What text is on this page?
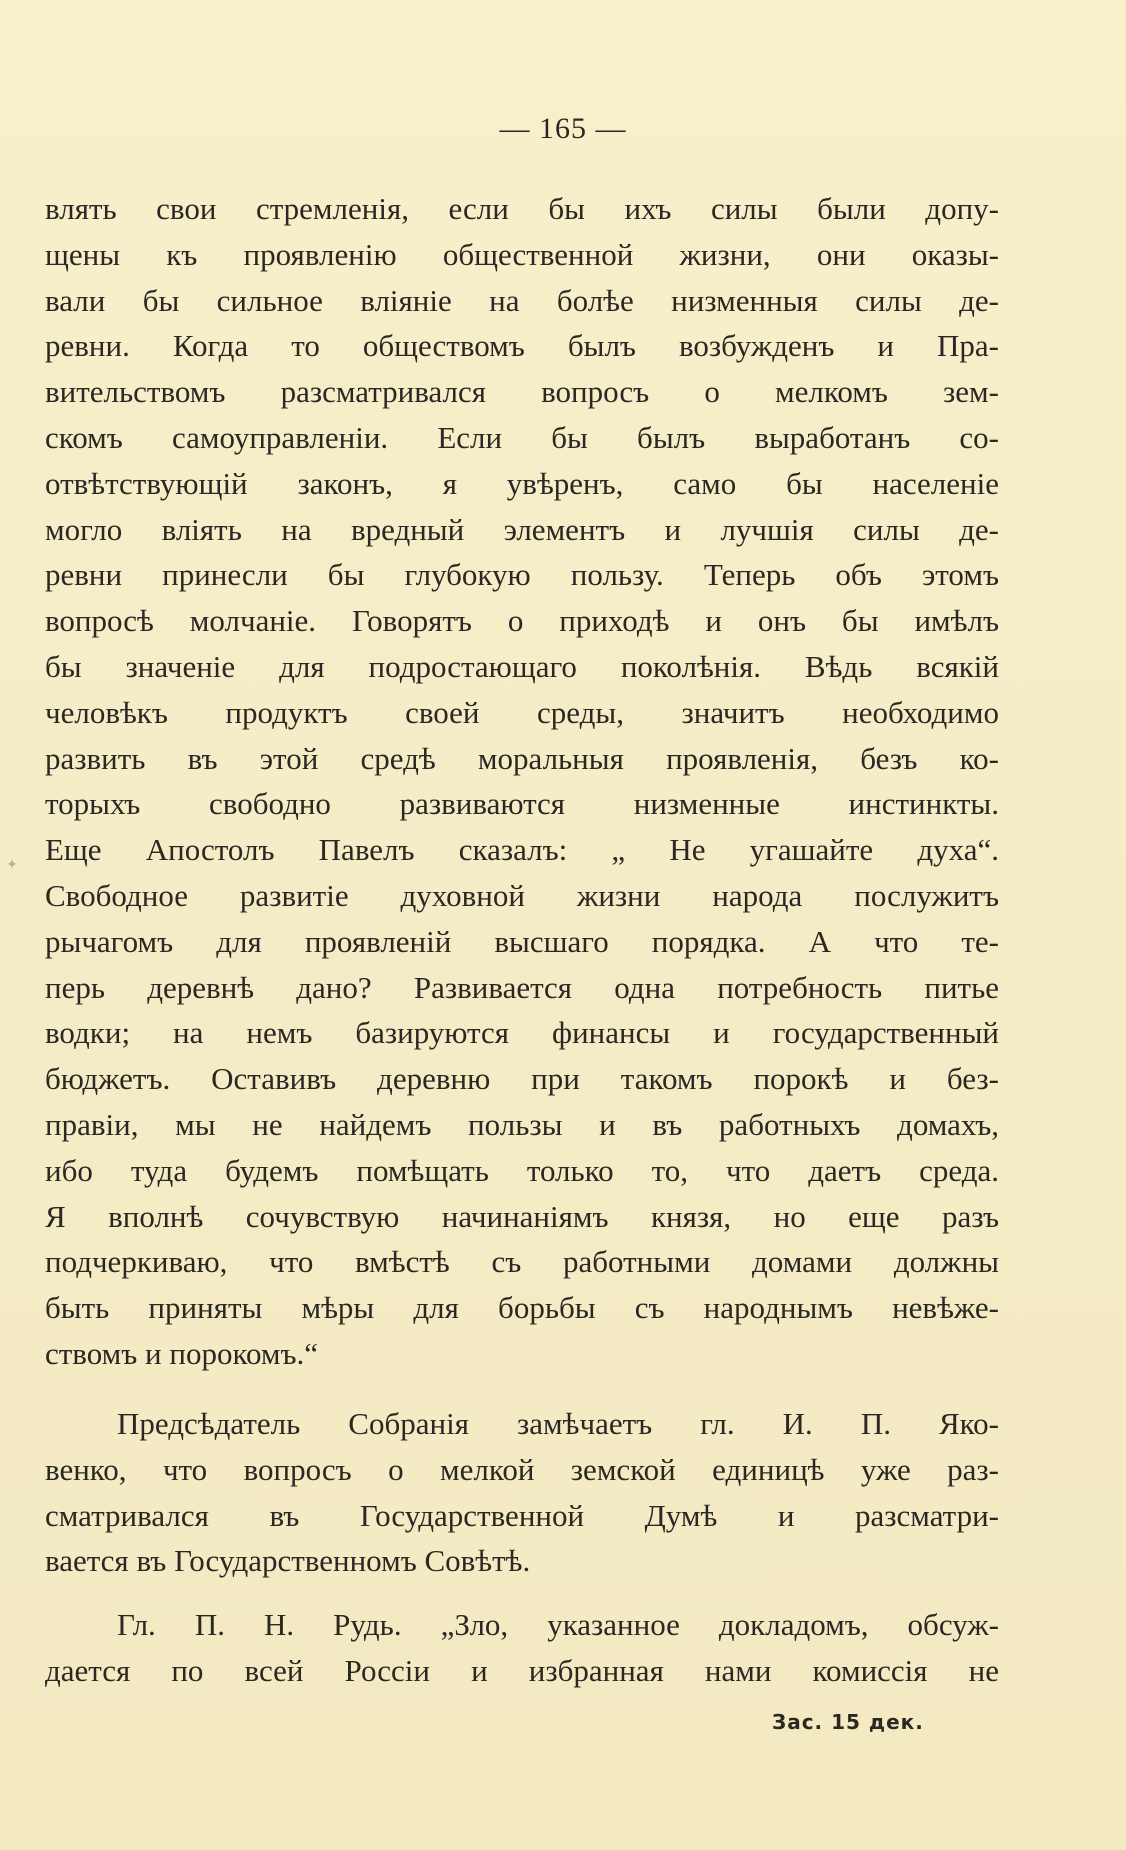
— 165 —
✦
влять свои стремленія, если бы ихъ силы были допу-
щены къ проявленію общественной жизни, они оказы-
вали бы сильное вліяніе на болѣе низменныя силы де-
ревни. Когда то обществомъ былъ возбужденъ и Пра-
вительствомъ разсматривался вопросъ о мелкомъ зем-
скомъ самоуправленіи. Если бы былъ выработанъ со-
отвѣтствующій законъ, я увѣренъ, само бы населеніе
могло вліять на вредный элементъ и лучшія силы де-
ревни принесли бы глубокую пользу. Теперь объ этомъ
вопросѣ молчаніе. Говорятъ о приходѣ и онъ бы имѣлъ
бы значеніе для подростающаго поколѣнія. Вѣдь всякій
человѣкъ продуктъ своей среды, значитъ необходимо
развить въ этой средѣ моральныя проявленія, безъ ко-
торыхъ свободно развиваются низменные инстинкты.
Еще Апостолъ Павелъ сказалъ: „ Не угашайте духа“.
Свободное развитіе духовной жизни народа послужитъ
рычагомъ для проявленій высшаго порядка. А что те-
перь деревнѣ дано? Развивается одна потребность питье
водки; на немъ базируются финансы и государственный
бюджетъ. Оставивъ деревню при такомъ порокѣ и без-
правіи, мы не найдемъ пользы и въ работныхъ домахъ,
ибо туда будемъ помѣщать только то, что даетъ среда.
Я вполнѣ сочувствую начинаніямъ князя, но еще разъ
подчеркиваю, что вмѣстѣ съ работными домами должны
быть приняты мѣры для борьбы съ народнымъ невѣже-
ствомъ и порокомъ.“
Предсѣдатель Собранія замѣчаетъ гл. И. П. Яко-
венко, что вопросъ о мелкой земской единицѣ уже раз-
сматривался въ Государственной Думѣ и разсматри-
вается въ Государственномъ Совѣтѣ.
Гл. П. Н. Рудь. „Зло, указанное докладомъ, обсуж-
дается по всей Россіи и избранная нами комиссія не
Зас. 15 дек.
